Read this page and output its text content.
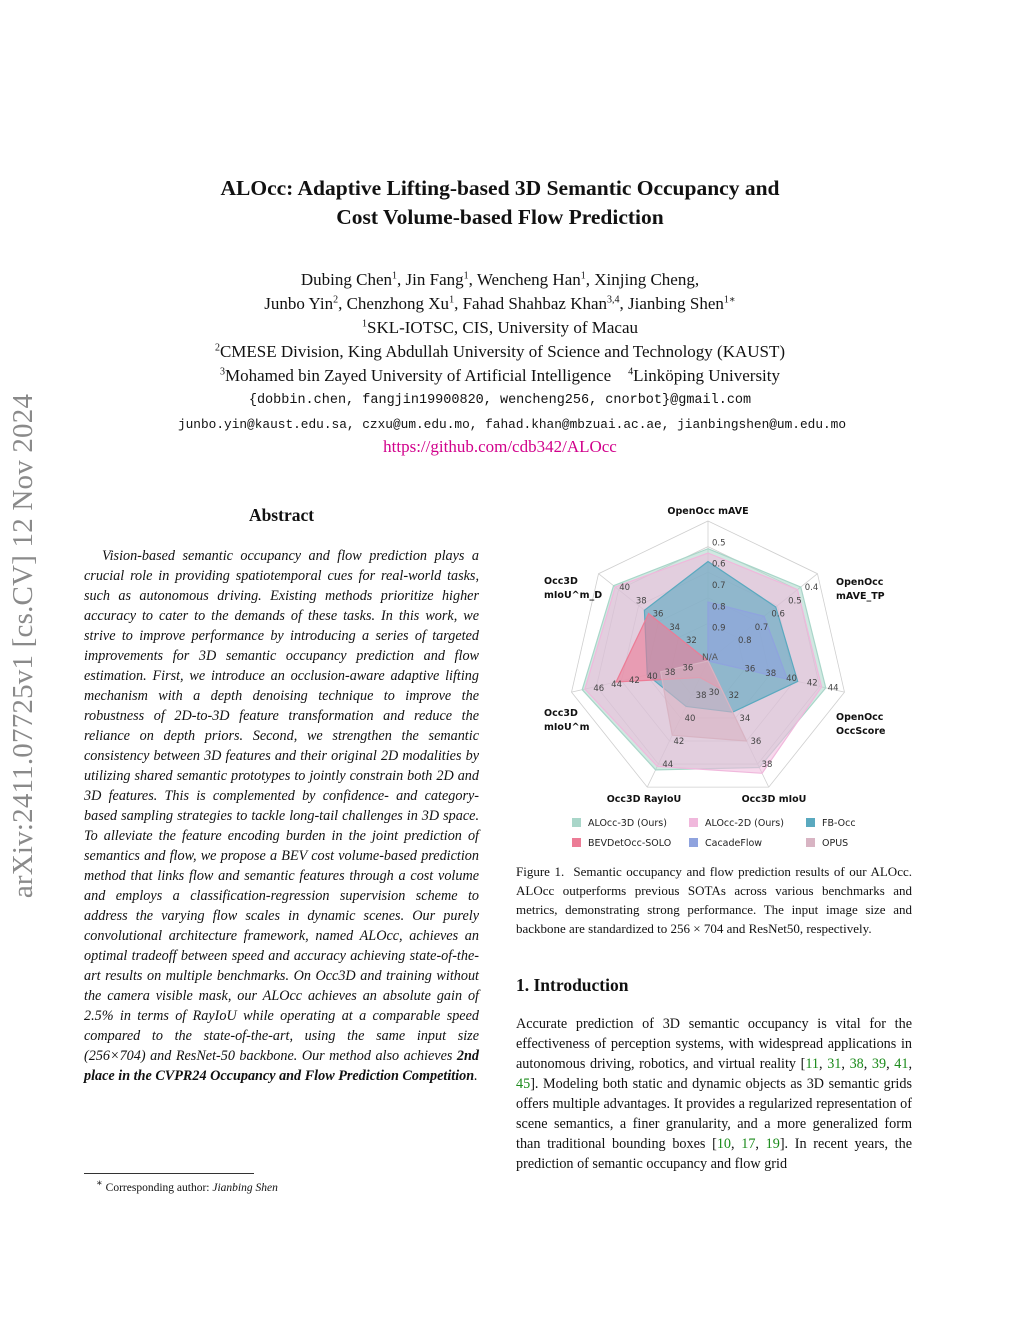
arXiv:2411.07725v1 [cs.CV] 12 Nov 2024
ALOcc: Adaptive Lifting-based 3D Semantic Occupancy and
Cost Volume-based Flow Prediction
Dubing Chen$^1$, Jin Fang$^1$, Wencheng Han$^1$, Xinjing Cheng,
Junbo Yin$^2$, Chenzhong Xu$^1$, Fahad Shahbaz Khan$^{3,4}$, Jianbing Shen$^{1∗}$
$^1$SKL-IOTSC, CIS, University of Macau
$^2$CMESE Division, King Abdullah University of Science and Technology (KAUST)
$^3$Mohamed bin Zayed University of Artificial Intelligence $^4$Linköping University
{dobbin.chen, fangjin19900820, wencheng256, cnorbot}@gmail.com
junbo.yin@kaust.edu.sa, czxu@um.edu.mo, fahad.khan@mbzuai.ac.ae, jianbingshen@um.edu.mo
https://github.com/cdb342/ALOcc
Abstract
Vision-based semantic occupancy and flow prediction plays a crucial role in providing spatiotemporal cues for real-world tasks, such as autonomous driving. Existing methods prioritize higher accuracy to cater to the demands of these tasks. In this work, we strive to improve performance by introducing a series of targeted improvements for 3D semantic occupancy prediction and flow estimation. First, we introduce an occlusion-aware adaptive lifting mechanism with a depth denoising technique to improve the robustness of 2D-to-3D feature transformation and reduce the reliance on depth priors. Second, we strengthen the semantic consistency between 3D features and their original 2D modalities by utilizing shared semantic prototypes to jointly constrain both 2D and 3D features. This is complemented by confidence- and category-based sampling strategies to tackle long-tail challenges in 3D space. To alleviate the feature encoding burden in the joint prediction of semantics and flow, we propose a BEV cost volume-based prediction method that links flow and semantic features through a cost volume and employs a classification-regression supervision scheme to address the varying flow scales in dynamic scenes. Our purely convolutional architecture framework, named ALOcc, achieves an optimal tradeoff between speed and accuracy achieving state-of-the-art results on multiple benchmarks. On Occ3D and training without the camera visible mask, our ALOcc achieves an absolute gain of 2.5% in terms of RayIoU while operating at a comparable speed compared to the state-of-the-art, using the same input size (256×704) and ResNet-50 backbone. Our method also achieves 2nd place in the CVPR24 Occupancy and Flow Prediction Competition.
∗ Corresponding author: Jianbing Shen
0.5
0.6
0.7
0.8
0.9
0.4
0.5
0.6
0.7
0.8
36 38 40 42 44
32
34
36
38
38
40
42
44
36
38
40
42
44
46
32
34
36
38
40
N/A
30
OpenOcc mAVE
OpenOcc
mAVE_TP
OpenOcc
OccScore
Occ3D mIoU
Occ3D RayIoU
Occ3D
mIoU^m
Occ3D
mIoU^m_D
ALOcc-3D (Ours)	ALOcc-2D (Ours)	FB-Occ
BEVDetOcc-SOLO	CacadeFlow	OPUS
Figure 1. Semantic occupancy and flow prediction results of our ALOcc. ALOcc outperforms previous SOTAs across various benchmarks and metrics, demonstrating strong performance. The input image size and backbone are standardized to 256 × 704 and ResNet50, respectively.
1. Introduction
Accurate prediction of 3D semantic occupancy is vital for the effectiveness of perception systems, with widespread applications in autonomous driving, robotics, and virtual reality [11, 31, 38, 39, 41, 45]. Modeling both static and dynamic objects as 3D semantic grids offers multiple advantages. It provides a regularized representation of scene semantics, a finer granularity, and a more generalized form than traditional bounding boxes [10, 17, 19]. In recent years, the prediction of semantic occupancy and flow grid
